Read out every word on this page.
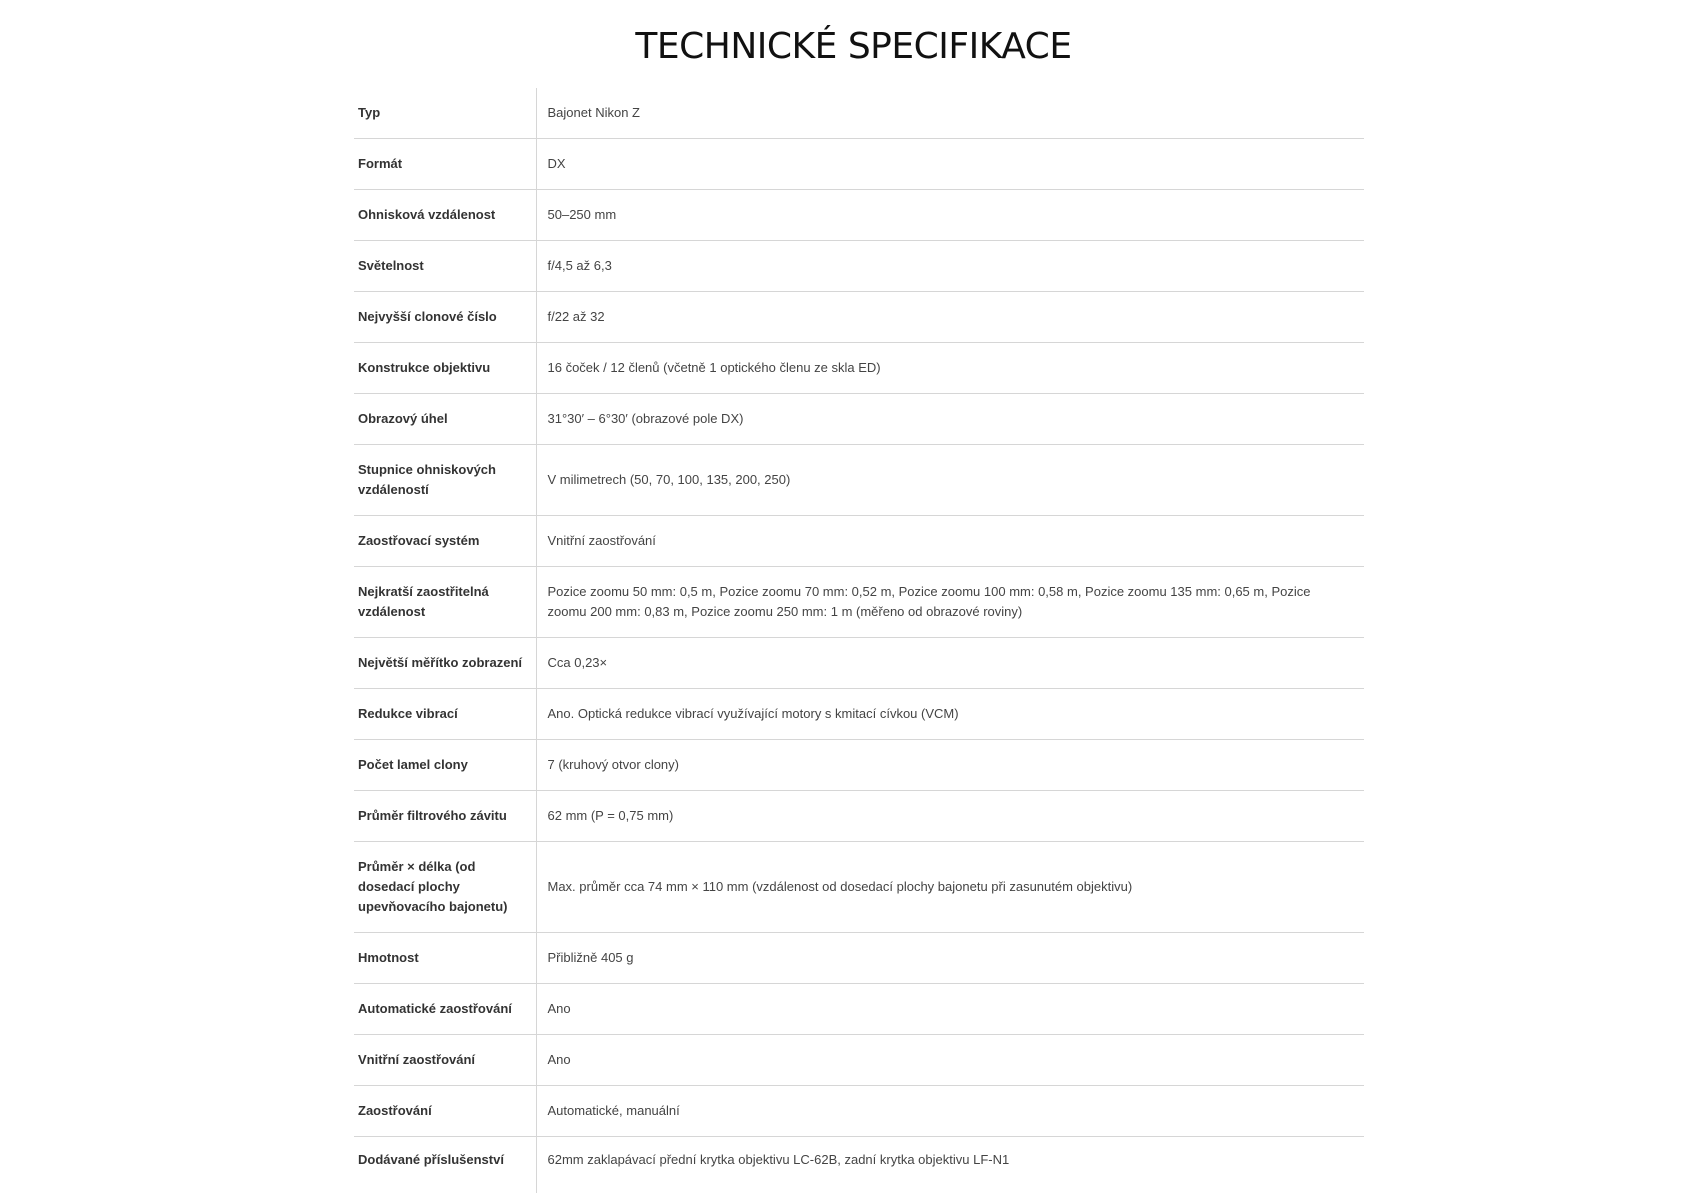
TECHNICKÉ SPECIFIKACE
Typ	Bajonet Nikon Z
Formát	DX
Ohnisková vzdálenost	50–250 mm
Světelnost	f/4,5 až 6,3
Nejvyšší clonové číslo	f/22 až 32
Konstrukce objektivu	16 čoček / 12 členů (včetně 1 optického členu ze skla ED)
Obrazový úhel	31°30′ – 6°30′ (obrazové pole DX)
Stupnice ohniskových vzdáleností	V milimetrech (50, 70, 100, 135, 200, 250)
Zaostřovací systém	Vnitřní zaostřování
Nejkratší zaostřitelná vzdálenost	Pozice zoomu 50 mm: 0,5 m, Pozice zoomu 70 mm: 0,52 m, Pozice zoomu 100 mm: 0,58 m, Pozice zoomu 135 mm: 0,65 m, Pozice zoomu 200 mm: 0,83 m, Pozice zoomu 250 mm: 1 m (měřeno od obrazové roviny)
Největší měřítko zobrazení	Cca 0,23×
Redukce vibrací	Ano. Optická redukce vibrací využívající motory s kmitací cívkou (VCM)
Počet lamel clony	7 (kruhový otvor clony)
Průměr filtrového závitu	62 mm (P = 0,75 mm)
Průměr × délka (od dosedací plochy upevňovacího bajonetu)	Max. průměr cca 74 mm × 110 mm (vzdálenost od dosedací plochy bajonetu při zasunutém objektivu)
Hmotnost	Přibližně 405 g
Automatické zaostřování	Ano
Vnitřní zaostřování	Ano
Zaostřování	Automatické, manuální
Dodávané příslušenství	62mm zaklapávací přední krytka objektivu LC-62B, zadní krytka objektivu LF-N1
